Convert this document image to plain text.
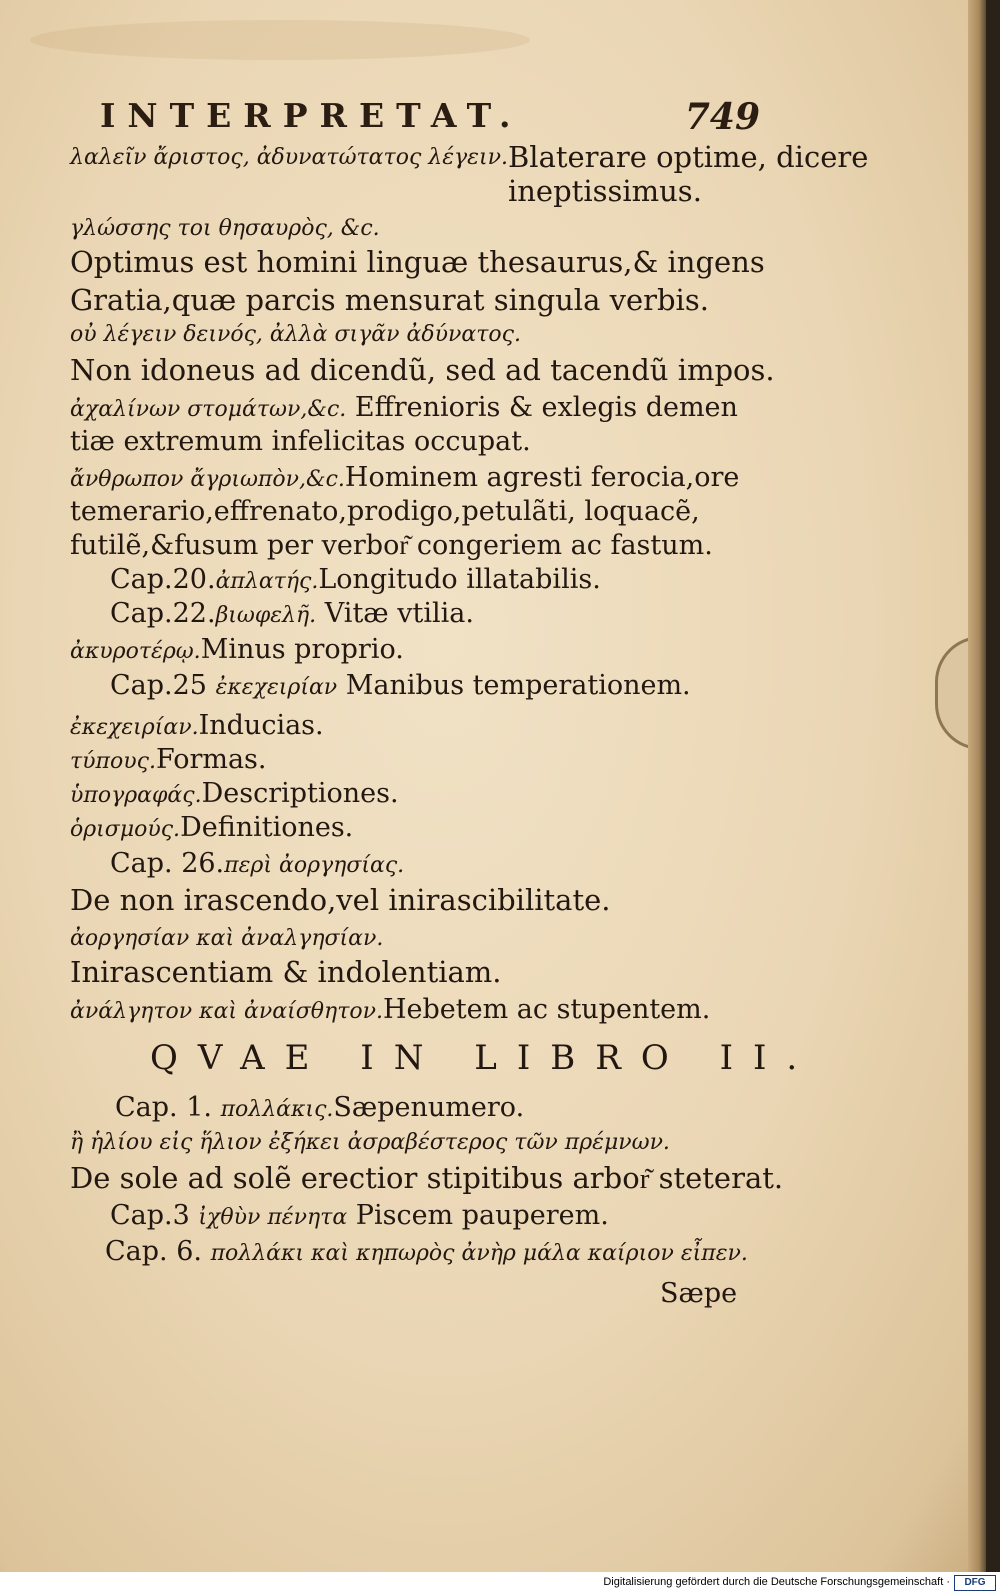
INTERPRETAT.	749
λαλεῖν ἄριστος, ἀδυνατώτατος λέγειν.Blaterare optime, dicere ineptissimus.
γλώσσης τοι θησαυρὸς, &c.
Optimus est homini linguæ thesaurus,& ingens
Gratia,quæ parcis mensurat singula verbis.
οὐ λέγειν δεινός, ἀλλὰ σιγᾶν ἀδύνατος.
Non idoneus ad dicendũ, sed ad tacendũ impos.
ἀχαλίνων στομάτων,&c. Effrenioris & exlegis demen
tiæ extremum infelicitas occupat.
ἄνθρωπον ἄγριωπὸν,&c.Hominem agresti ferocia,ore
temerario,effrenato,prodigo,petulãti, loquacẽ,
futilẽ,&fusum per verbor͂ congeriem ac fastum.
Cap.20.ἀπλατής.Longitudo illatabilis.
Cap.22.βιωφελῆ. Vitæ vtilia.
ἀκυροτέρῳ.Minus proprio.
Cap.25 ἐκεχειρίαν Manibus temperationem.
ἐκεχειρίαν.Inducias.
τύπους.Formas.
ὑπογραφάς.Descriptiones.
ὁρισμούς.Definitiones.
Cap. 26.περὶ ἀοργησίας.
De non irascendo,vel inirascibilitate.
ἀοργησίαν καὶ ἀναλγησίαν.
Inirascentiam & indolentiam.
ἀνάλγητον καὶ ἀναίσθητον.Hebetem ac stupentem.
QVAE IN LIBRO II.
Cap. 1. πολλάκις.Sæpenumero.
ἢ ἡλίου εἰς ἥλιον ἐξήκει ἀσραβέστερος τῶν πρέμνων.
De sole ad solẽ erectior stipitibus arbor͂ steterat.
Cap.3 ἰχθὺν πένητα Piscem pauperem.
Cap. 6. πολλάκι καὶ κηπωρὸς ἀνὴρ μάλα καίριον εἶπεν.
Sæpe
Digitalisierung gefördert durch die Deutsche Forschungsgemeinschaft ·	DFG
